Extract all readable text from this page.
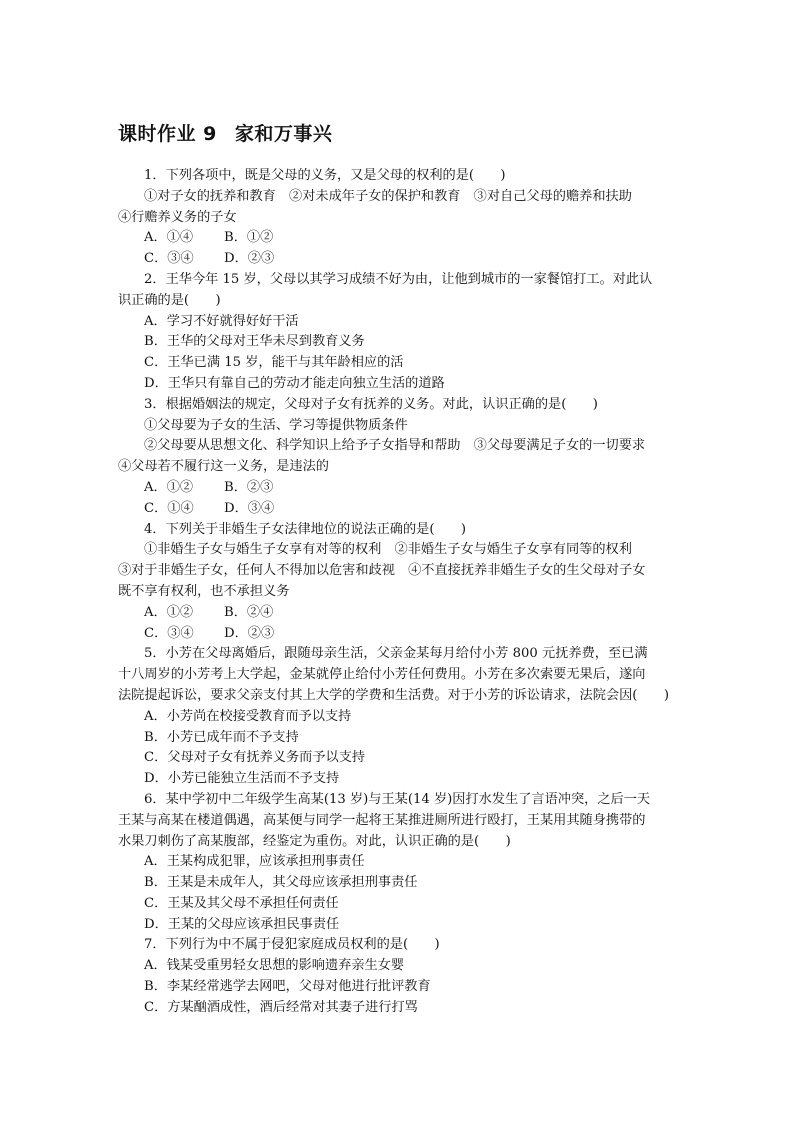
课时作业 9 家和万事兴
1．下列各项中，既是父母的义务，又是父母的权利的是(　　)
①对子女的抚养和教育　②对未成年子女的保护和教育　③对自己父母的赡养和扶助
④行赡养义务的子女
A．①④ B．①②
C．③④ D．②③
2．王华今年 15 岁，父母以其学习成绩不好为由，让他到城市的一家餐馆打工。对此认
识正确的是(　　)
A．学习不好就得好好干活
B．王华的父母对王华未尽到教育义务
C．王华已满 15 岁，能干与其年龄相应的活
D．王华只有靠自己的劳动才能走向独立生活的道路
3．根据婚姻法的规定，父母对子女有抚养的义务。对此，认识正确的是(　　)
①父母要为子女的生活、学习等提供物质条件
②父母要从思想文化、科学知识上给予子女指导和帮助　③父母要满足子女的一切要求
④父母若不履行这一义务，是违法的
A．①② B．②③
C．①④ D．③④
4．下列关于非婚生子女法律地位的说法正确的是(　　)
①非婚生子女与婚生子女享有对等的权利　②非婚生子女与婚生子女享有同等的权利
③对于非婚生子女，任何人不得加以危害和歧视　④不直接抚养非婚生子女的生父母对子女
既不享有权利，也不承担义务
A．①② B．②④
C．③④ D．②③
5．小芳在父母离婚后，跟随母亲生活，父亲金某每月给付小芳 800 元抚养费，至已满
十八周岁的小芳考上大学起，金某就停止给付小芳任何费用。小芳在多次索要无果后，遂向
法院提起诉讼，要求父亲支付其上大学的学费和生活费。对于小芳的诉讼请求，法院会因(　　)
A．小芳尚在校接受教育而予以支持
B．小芳已成年而不予支持
C．父母对子女有抚养义务而予以支持
D．小芳已能独立生活而不予支持
6．某中学初中二年级学生高某(13 岁)与王某(14 岁)因打水发生了言语冲突，之后一天
王某与高某在楼道偶遇，高某便与同学一起将王某推进厕所进行殴打，王某用其随身携带的
水果刀刺伤了高某腹部，经鉴定为重伤。对此，认识正确的是(　　)
A．王某构成犯罪，应该承担刑事责任
B．王某是未成年人，其父母应该承担刑事责任
C．王某及其父母不承担任何责任
D．王某的父母应该承担民事责任
7．下列行为中不属于侵犯家庭成员权利的是(　　)
A．钱某受重男轻女思想的影响遗弃亲生女婴
B．李某经常逃学去网吧，父母对他进行批评教育
C．方某酗酒成性，酒后经常对其妻子进行打骂
